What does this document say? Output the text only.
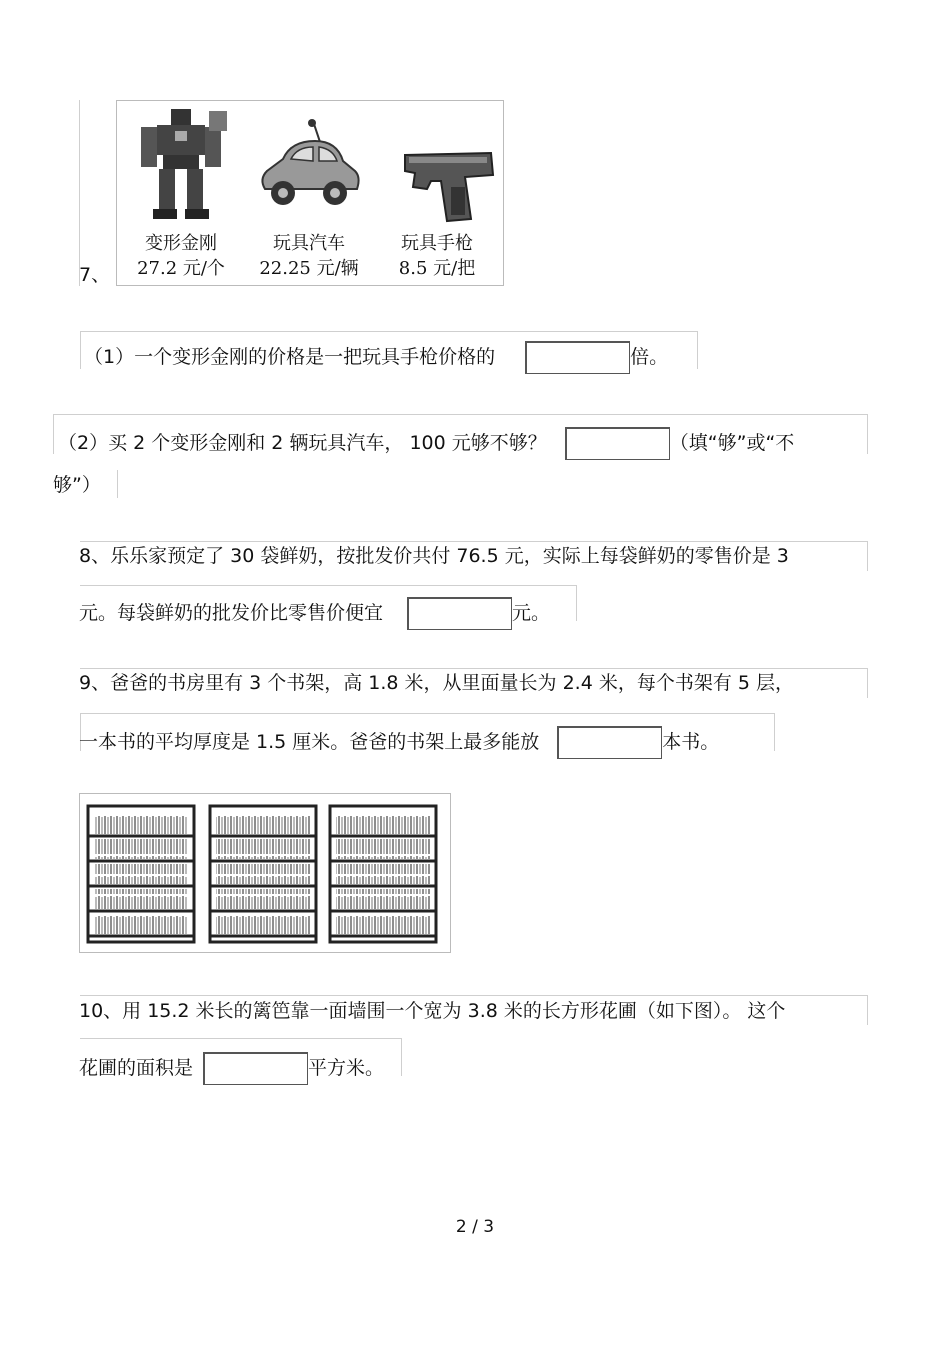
7、
变形金刚
27.2 元/个
玩具汽车
22.25 元/辆
玩具手枪
8.5 元/把
（1）一个变形金刚的价格是一把玩具手枪价格的	倍。
（2）买 2 个变形金刚和 2 辆玩具汽车， 100 元够不够？	（填“够”或“不
够”）
8、乐乐家预定了 30 袋鲜奶，按批发价共付 76.5 元，实际上每袋鲜奶的零售价是 3
元。每袋鲜奶的批发价比零售价便宜	元。
9、爸爸的书房里有 3 个书架，高 1.8 米，从里面量长为 2.4 米，每个书架有 5 层，
一本书的平均厚度是 1.5 厘米。爸爸的书架上最多能放	本书。
10、用 15.2 米长的篱笆靠一面墙围一个宽为 3.8 米的长方形花圃（如下图）。 这个
花圃的面积是	平方米。
2 / 3
